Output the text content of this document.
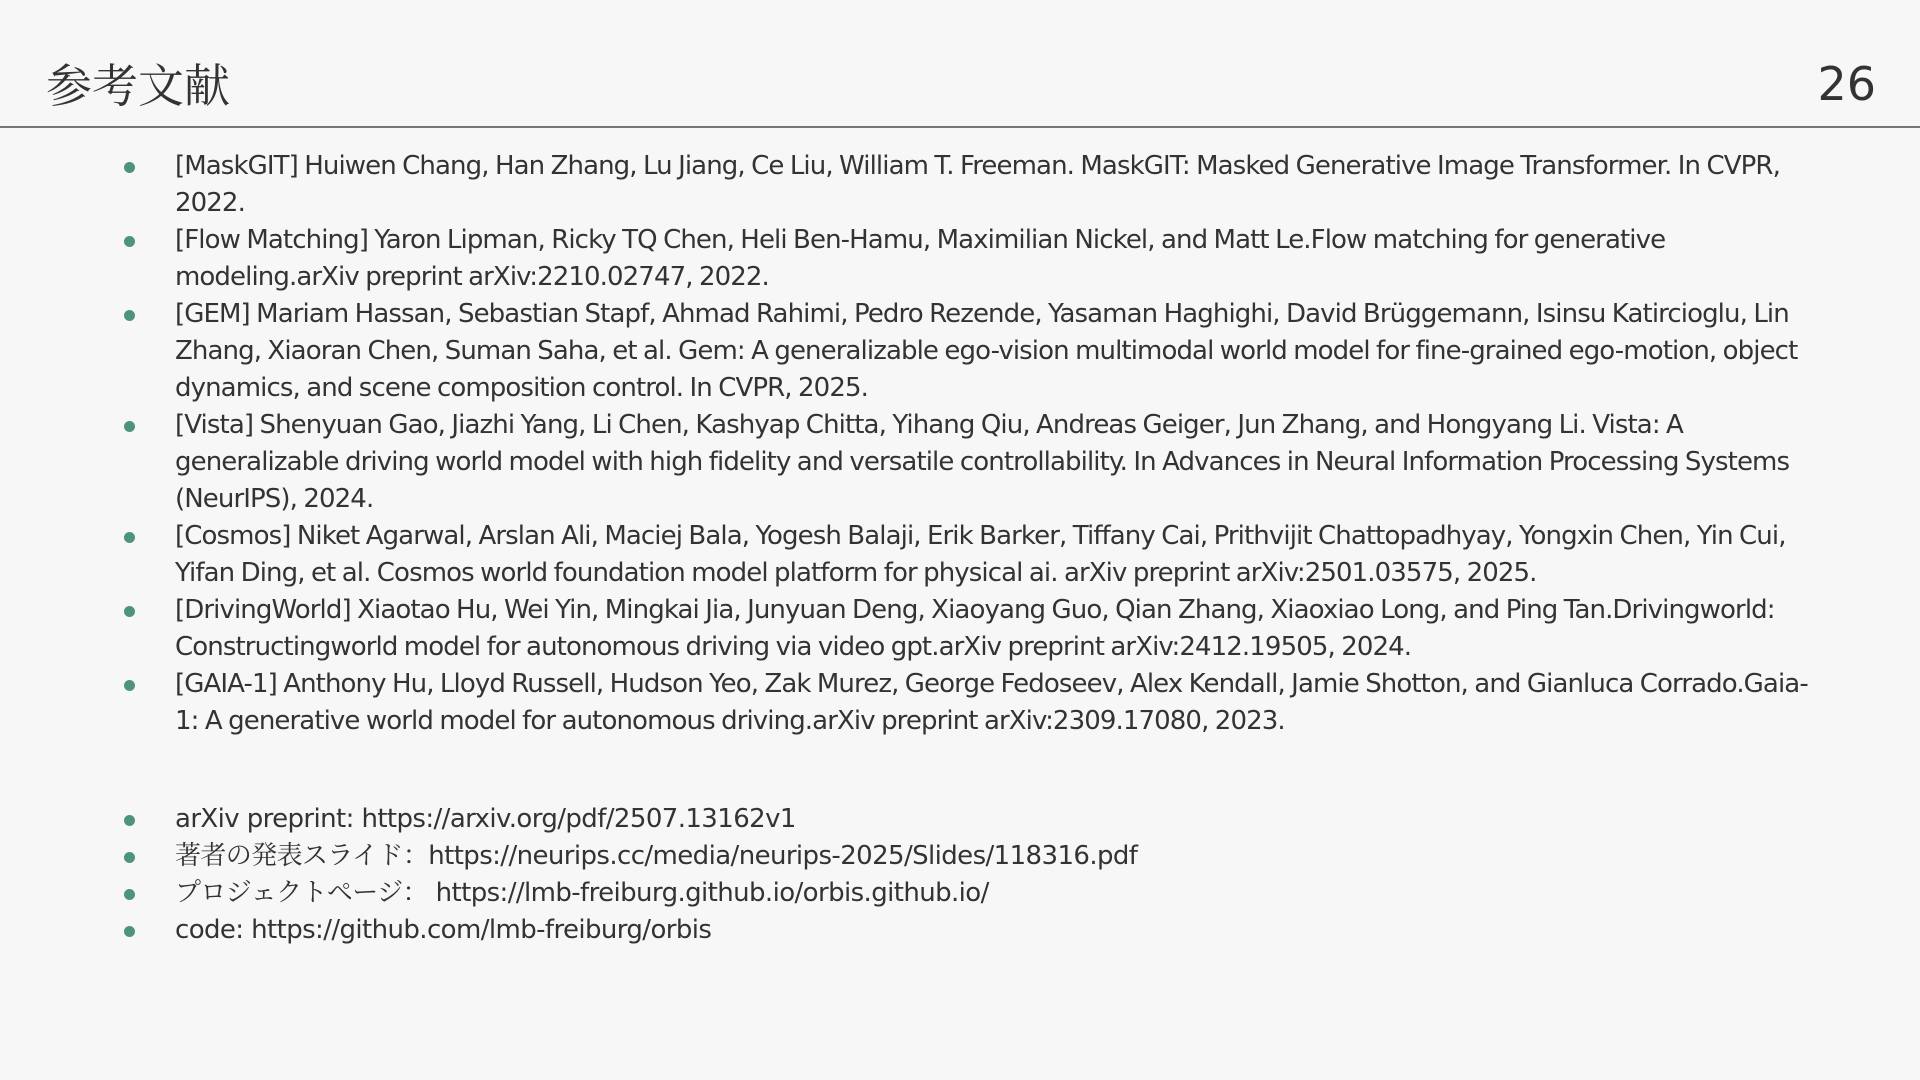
参考文献	26
[MaskGIT] Huiwen Chang, Han Zhang, Lu Jiang, Ce Liu, William T. Freeman. MaskGIT: Masked Generative Image Transformer. In CVPR, 2022.
[Flow Matching] Yaron Lipman, Ricky TQ Chen, Heli Ben-Hamu, Maximilian Nickel, and Matt Le.Flow matching for generative modeling.arXiv preprint arXiv:2210.02747, 2022.
[GEM] Mariam Hassan, Sebastian Stapf, Ahmad Rahimi, Pedro Rezende, Yasaman Haghighi, David Brüggemann, Isinsu Katircioglu, Lin Zhang, Xiaoran Chen, Suman Saha, et al. Gem: A generalizable ego-vision multimodal world model for fine-grained ego-motion, object dynamics, and scene composition control. In CVPR, 2025.
[Vista] Shenyuan Gao, Jiazhi Yang, Li Chen, Kashyap Chitta, Yihang Qiu, Andreas Geiger, Jun Zhang, and Hongyang Li. Vista: A generalizable driving world model with high fidelity and versatile controllability. In Advances in Neural Information Processing Systems (NeurIPS), 2024.
[Cosmos] Niket Agarwal, Arslan Ali, Maciej Bala, Yogesh Balaji, Erik Barker, Tiffany Cai, Prithvijit Chattopadhyay, Yongxin Chen, Yin Cui, Yifan Ding, et al. Cosmos world foundation model platform for physical ai. arXiv preprint arXiv:2501.03575, 2025.
[DrivingWorld] Xiaotao Hu, Wei Yin, Mingkai Jia, Junyuan Deng, Xiaoyang Guo, Qian Zhang, Xiaoxiao Long, and Ping Tan.Drivingworld: Constructingworld model for autonomous driving via video gpt.arXiv preprint arXiv:2412.19505, 2024.
[GAIA-1] Anthony Hu, Lloyd Russell, Hudson Yeo, Zak Murez, George Fedoseev, Alex Kendall, Jamie Shotton, and Gianluca Corrado.Gaia-1: A generative world model for autonomous driving.arXiv preprint arXiv:2309.17080, 2023.
arXiv preprint: https://arxiv.org/pdf/2507.13162v1
著者の発表スライド：https://neurips.cc/media/neurips-2025/Slides/118316.pdf
プロジェクトページ： https://lmb-freiburg.github.io/orbis.github.io/
code: https://github.com/lmb-freiburg/orbis
